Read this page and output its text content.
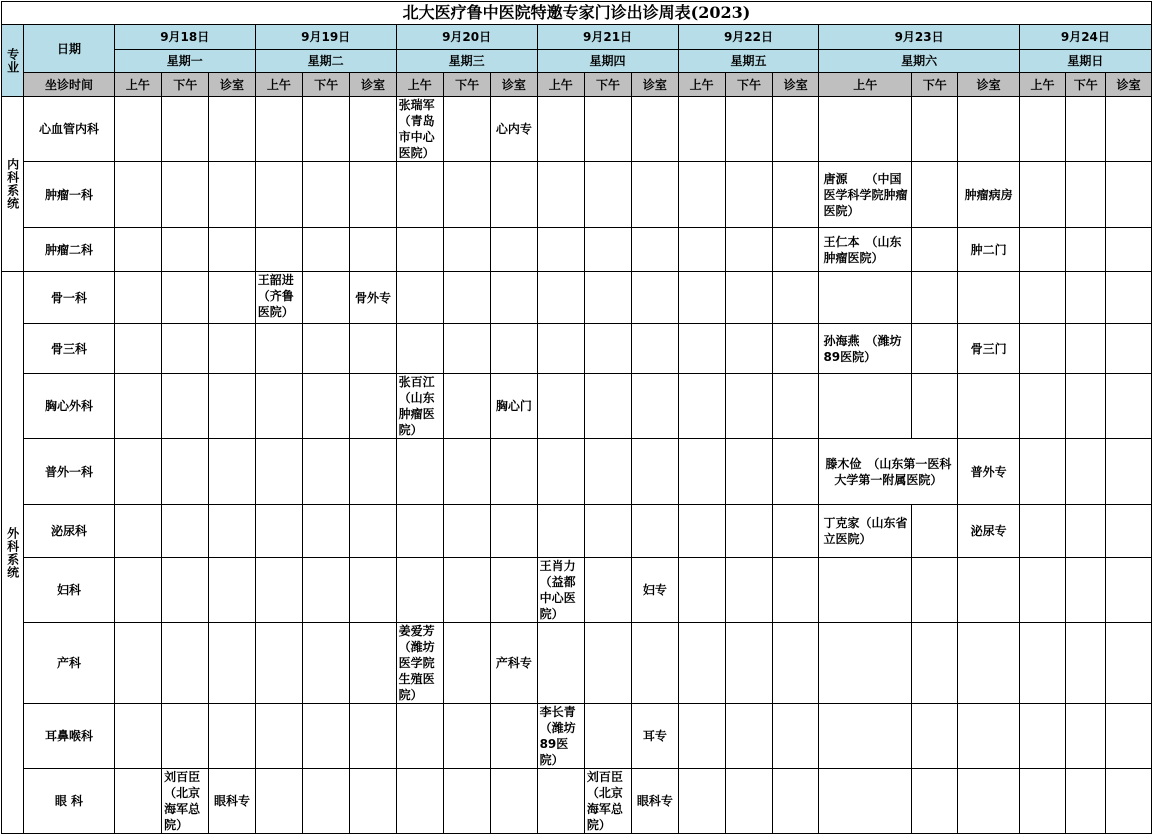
北大医疗鲁中医院特邀专家门诊出诊周表(2023)																						
专业	日期	9月18日			9月19日			9月20日			9月21日			9月22日			9月23日			9月24日		
		星期一			星期二			星期三			星期四			星期五			星期六			星期日		
	坐诊时间	上午	下午	诊室	上午	下午	诊室	上午	下午	诊室	上午	下午	诊室	上午	下午	诊室	上午	下午	诊室	上午	下午	诊室
内科系统	心血管内科							张瑞军（青岛市中心医院）		心内专												
	肿瘤一科																唐源　　（中国医学科学院肿瘤医院）		肿瘤病房			
	肿瘤二科																王仁本　（山东肿瘤医院）		肿二门			
外科系统	骨一科				王韶进　（齐鲁医院）		骨外专															
	骨三科																孙海燕　（潍坊89医院）		骨三门			
	胸心外科							张百江（山东肿瘤医院）		胸心门												
	普外一科																滕木俭　（山东第一医科大学第一附属医院）		普外专			
	泌尿科																丁克家（山东省立医院）		泌尿专			
	妇科										王肖力（益都中心医院）		妇专									
	产科							姜爱芳（潍坊医学院生殖医院）		产科专												
	耳鼻喉科										李长青（潍坊89医院）		耳专									
	眼 科		刘百臣（北京海军总院）	眼科专								刘百臣（北京海军总院）	眼科专									
